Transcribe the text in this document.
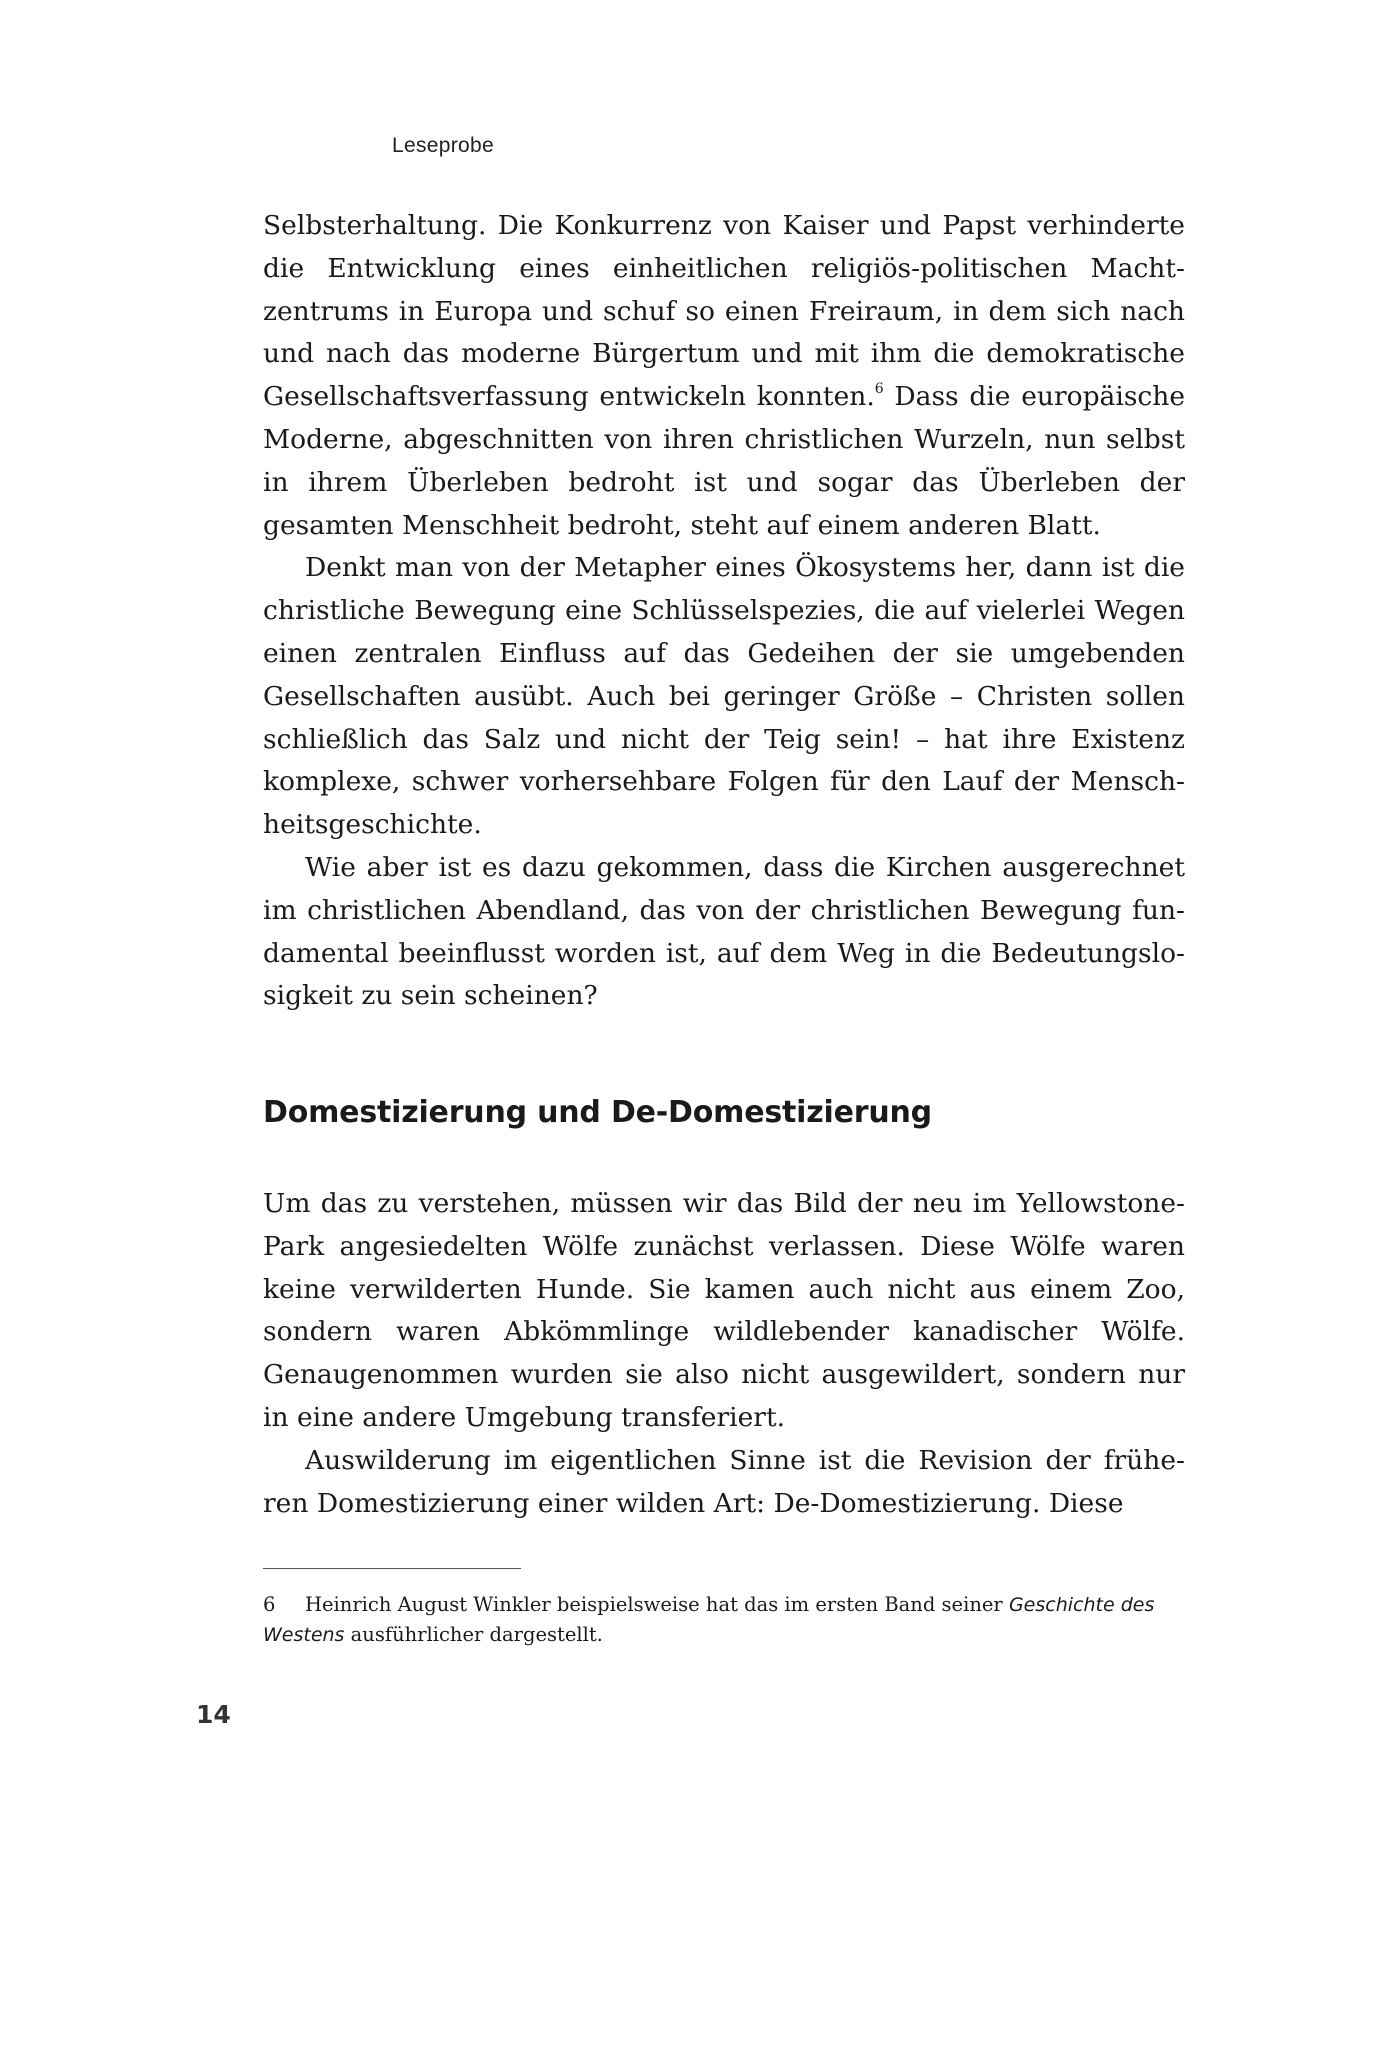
Leseprobe

Selbsterhaltung. Die Konkurrenz von Kaiser und Papst verhinderte die Entwicklung eines einheitlichen religiös-politischen Machtzentrums in Europa und schuf so einen Freiraum, in dem sich nach und nach das moderne Bürgertum und mit ihm die demokratische Gesellschaftsverfassung entwickeln konnten.$^6$ Dass die europäische Moderne, abgeschnitten von ihren christlichen Wurzeln, nun selbst in ihrem Überleben bedroht ist und sogar das Überleben der gesamten Menschheit bedroht, steht auf einem anderen Blatt.

Denkt man von der Metapher eines Ökosystems her, dann ist die christliche Bewegung eine Schlüsselspezies, die auf vielerlei Wegen einen zentralen Einfluss auf das Gedeihen der sie umgebenden Gesellschaften ausübt. Auch bei geringer Größe – Christen sollen schließlich das Salz und nicht der Teig sein! – hat ihre Existenz komplexe, schwer vorhersehbare Folgen für den Lauf der Menschheitsgeschichte.

Wie aber ist es dazu gekommen, dass die Kirchen ausgerechnet im christlichen Abendland, das von der christlichen Bewegung fundamental beeinflusst worden ist, auf dem Weg in die Bedeutungslosigkeit zu sein scheinen?

Domestizierung und De-Domestizierung

Um das zu verstehen, müssen wir das Bild der neu im Yellowstone-Park angesiedelten Wölfe zunächst verlassen. Diese Wölfe waren keine verwilderten Hunde. Sie kamen auch nicht aus einem Zoo, sondern waren Abkömmlinge wildlebender kanadischer Wölfe. Genaugenommen wurden sie also nicht ausgewildert, sondern nur in eine andere Umgebung transferiert.

Auswilderung im eigentlichen Sinne ist die Revision der früheren Domestizierung einer wilden Art: De-Domestizierung. Diese

6 Heinrich August Winkler beispielsweise hat das im ersten Band seiner Geschichte des Westens ausführlicher dargestellt.
14
